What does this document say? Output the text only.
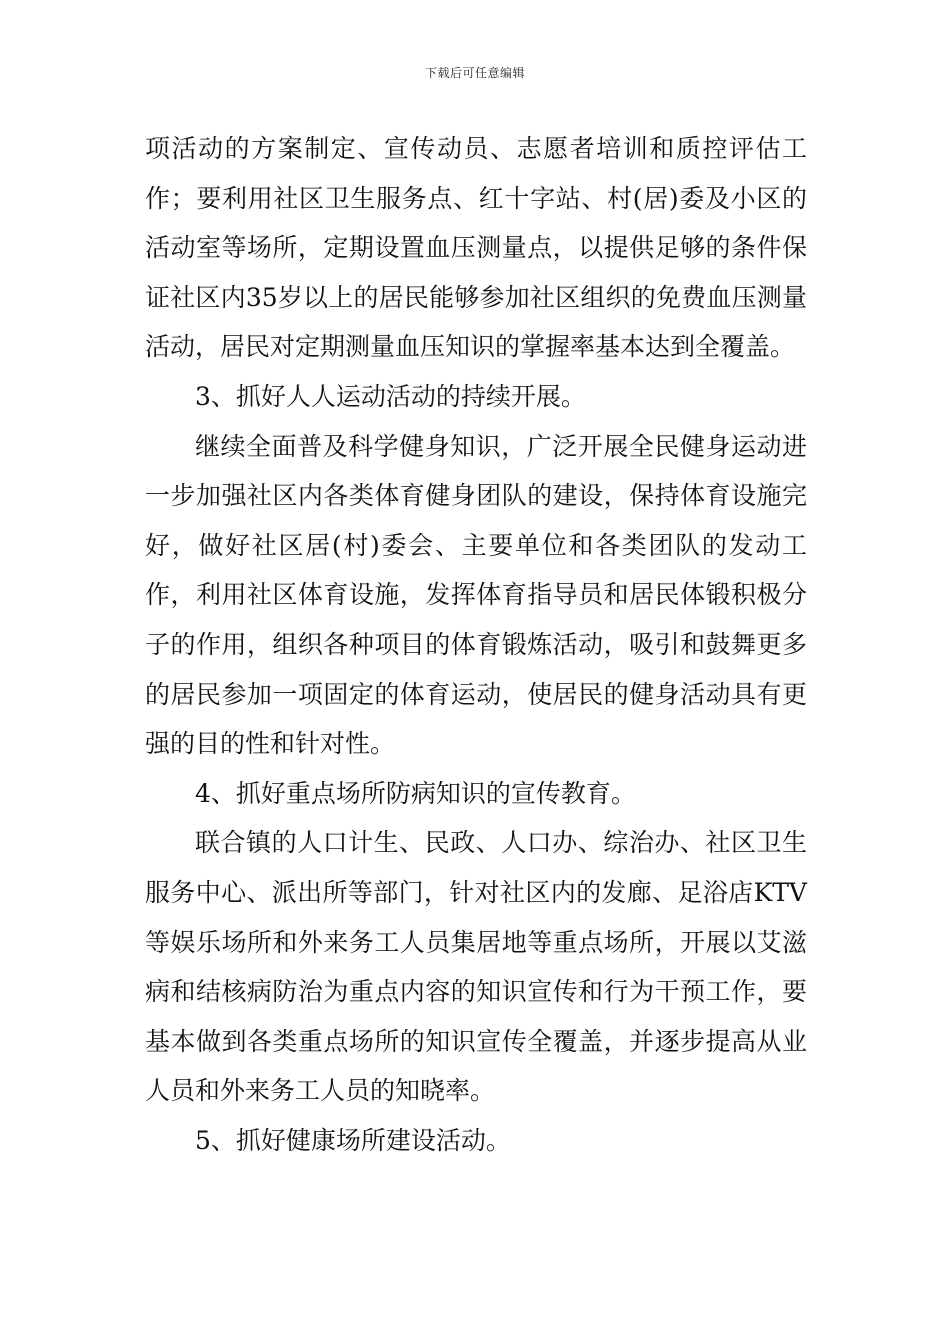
下载后可任意编辑

项活动的方案制定、宣传动员、志愿者培训和质控评估工作；要利用社区卫生服务点、红十字站、村(居)委及小区的活动室等场所，定期设置血压测量点，以提供足够的条件保证社区内35岁以上的居民能够参加社区组织的免费血压测量活动，居民对定期测量血压知识的掌握率基本达到全覆盖。

3、抓好人人运动活动的持续开展。

继续全面普及科学健身知识，广泛开展全民健身运动进一步加强社区内各类体育健身团队的建设，保持体育设施完好，做好社区居(村)委会、主要单位和各类团队的发动工作，利用社区体育设施，发挥体育指导员和居民体锻积极分子的作用，组织各种项目的体育锻炼活动，吸引和鼓舞更多的居民参加一项固定的体育运动，使居民的健身活动具有更强的目的性和针对性。

4、抓好重点场所防病知识的宣传教育。

联合镇的人口计生、民政、人口办、综治办、社区卫生服务中心、派出所等部门，针对社区内的发廊、足浴店KTV等娱乐场所和外来务工人员集居地等重点场所，开展以艾滋病和结核病防治为重点内容的知识宣传和行为干预工作，要基本做到各类重点场所的知识宣传全覆盖，并逐步提高从业人员和外来务工人员的知晓率。

5、抓好健康场所建设活动。
